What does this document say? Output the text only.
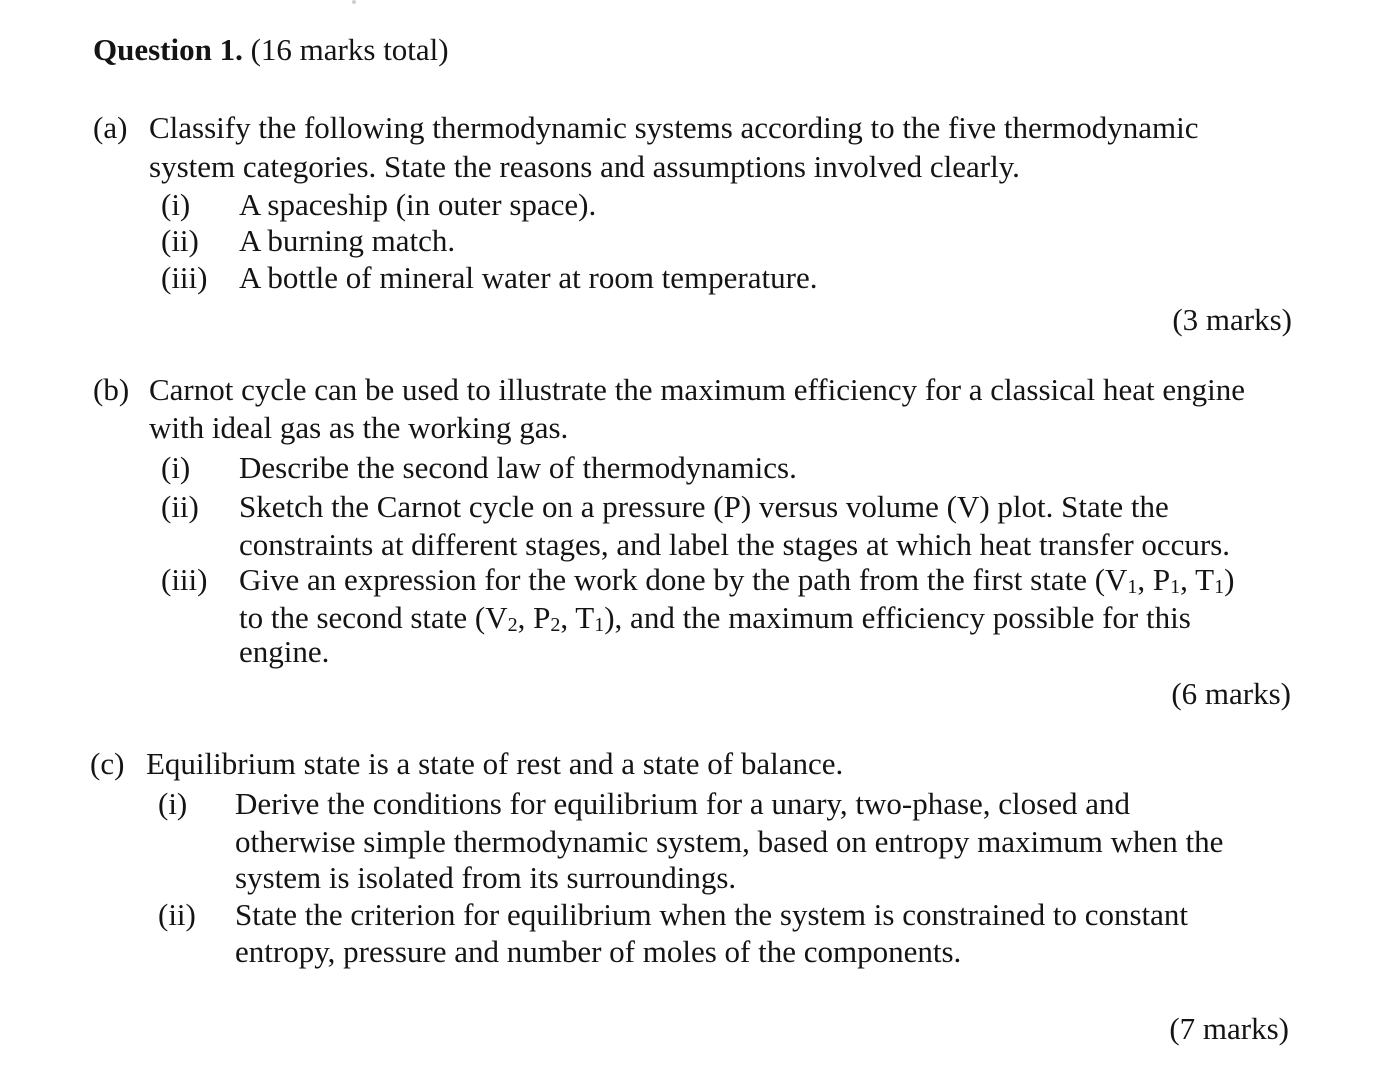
Question 1. (16 marks total)
(a) Classify the following thermodynamic systems according to the five thermodynamic
system categories. State the reasons and assumptions involved clearly.
(i) A spaceship (in outer space).
(ii) A burning match.
(iii) A bottle of mineral water at room temperature.
(3 marks)
(b) Carnot cycle can be used to illustrate the maximum efficiency for a classical heat engine
with ideal gas as the working gas.
(i) Describe the second law of thermodynamics.
(ii) Sketch the Carnot cycle on a pressure (P) versus volume (V) plot. State the
constraints at different stages, and label the stages at which heat transfer occurs.
(iii) Give an expression for the work done by the path from the first state (V1, P1, T1)
to the second state (V2, P2, T1), and the maximum efficiency possible for this
engine.
(6 marks)
(c) Equilibrium state is a state of rest and a state of balance.
(i) Derive the conditions for equilibrium for a unary, two-phase, closed and
otherwise simple thermodynamic system, based on entropy maximum when the
system is isolated from its surroundings.
(ii) State the criterion for equilibrium when the system is constrained to constant
entropy, pressure and number of moles of the components.
(7 marks)
